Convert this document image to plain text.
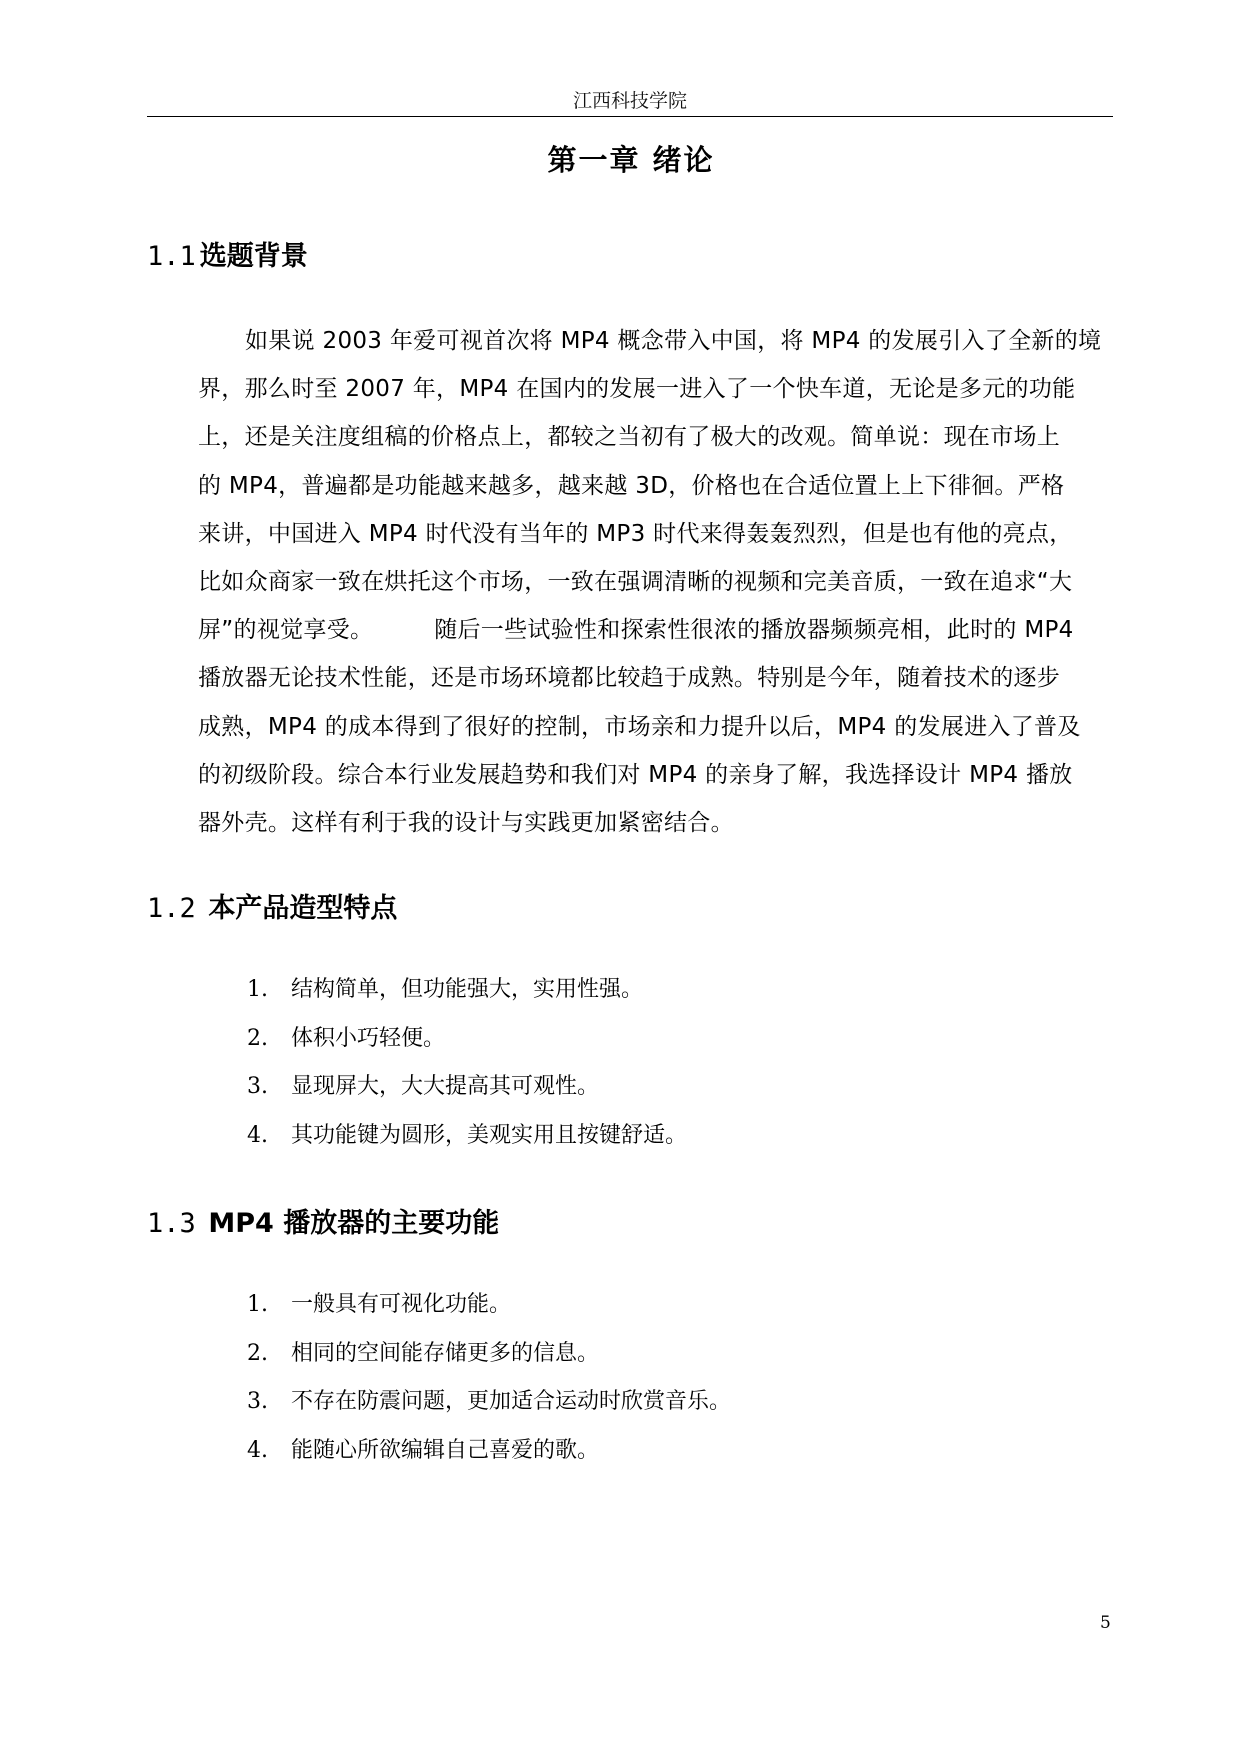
江西科技学院
第一章 绪论
1.1 选题背景
如果说 2003 年爱可视首次将 MP4 概念带入中国，将 MP4 的发展引入了全新的境
界，那么时至 2007 年，MP4 在国内的发展一进入了一个快车道，无论是多元的功能
上，还是关注度组稿的价格点上，都较之当初有了极大的改观。简单说：现在市场上
的 MP4，普遍都是功能越来越多，越来越 3D，价格也在合适位置上上下徘徊。严格
来讲，中国进入 MP4 时代没有当年的 MP3 时代来得轰轰烈烈，但是也有他的亮点，
比如众商家一致在烘托这个市场，一致在强调清晰的视频和完美音质，一致在追求“大
屏”的视觉享受。        随后一些试验性和探索性很浓的播放器频频亮相，此时的 MP4
播放器无论技术性能，还是市场环境都比较趋于成熟。特别是今年，随着技术的逐步
成熟，MP4 的成本得到了很好的控制，市场亲和力提升以后，MP4 的发展进入了普及
的初级阶段。综合本行业发展趋势和我们对 MP4 的亲身了解，我选择设计 MP4 播放
器外壳。这样有利于我的设计与实践更加紧密结合。
1.2 本产品造型特点
1. 结构简单，但功能强大，实用性强。
2. 体积小巧轻便。
3. 显现屏大，大大提高其可观性。
4. 其功能键为圆形，美观实用且按键舒适。
1.3 MP4 播放器的主要功能
1. 一般具有可视化功能。
2. 相同的空间能存储更多的信息。
3. 不存在防震问题，更加适合运动时欣赏音乐。
4. 能随心所欲编辑自己喜爱的歌。
5
